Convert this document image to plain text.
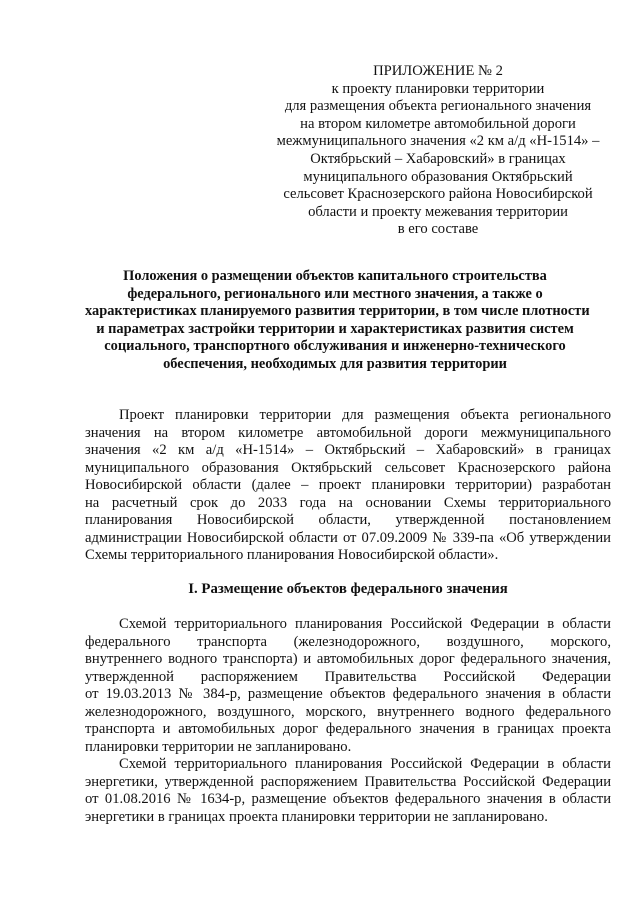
ПРИЛОЖЕНИЕ № 2
к проекту планировки территории
для размещения объекта регионального значения
на втором километре автомобильной дороги
межмуниципального значения «2 км а/д «Н-1514» –
Октябрьский – Хабаровский» в границах
муниципального образования Октябрьский
сельсовет Краснозерского района Новосибирской
области и проекту межевания территории
в его составе
Положения о размещении объектов капитального строительства
федерального, регионального или местного значения, а также о
характеристиках планируемого развития территории, в том числе плотности
и параметрах застройки территории и характеристиках развития систем
социального, транспортного обслуживания и инженерно-технического
обеспечения, необходимых для развития территории
Проект планировки территории для размещения объекта регионального
значения на втором километре автомобильной дороги межмуниципального
значения «2 км а/д «Н-1514» – Октябрьский – Хабаровский» в границах
муниципального образования Октябрьский сельсовет Краснозерского района
Новосибирской области (далее – проект планировки территории) разработан
на расчетный срок до 2033 года на основании Схемы территориального
планирования Новосибирской области, утвержденной постановлением
администрации Новосибирской области от 07.09.2009 № 339-па «Об утверждении
Схемы территориального планирования Новосибирской области».
I. Размещение объектов федерального значения
Схемой территориального планирования Российской Федерации в области
федерального транспорта (железнодорожного, воздушного, морского,
внутреннего водного транспорта) и автомобильных дорог федерального значения,
утвержденной распоряжением Правительства Российской Федерации
от 19.03.2013 № 384-р, размещение объектов федерального значения в области
железнодорожного, воздушного, морского, внутреннего водного федерального
транспорта и автомобильных дорог федерального значения в границах проекта
планировки территории не запланировано.
Схемой территориального планирования Российской Федерации в области
энергетики, утвержденной распоряжением Правительства Российской Федерации
от 01.08.2016 № 1634-р, размещение объектов федерального значения в области
энергетики в границах проекта планировки территории не запланировано.
